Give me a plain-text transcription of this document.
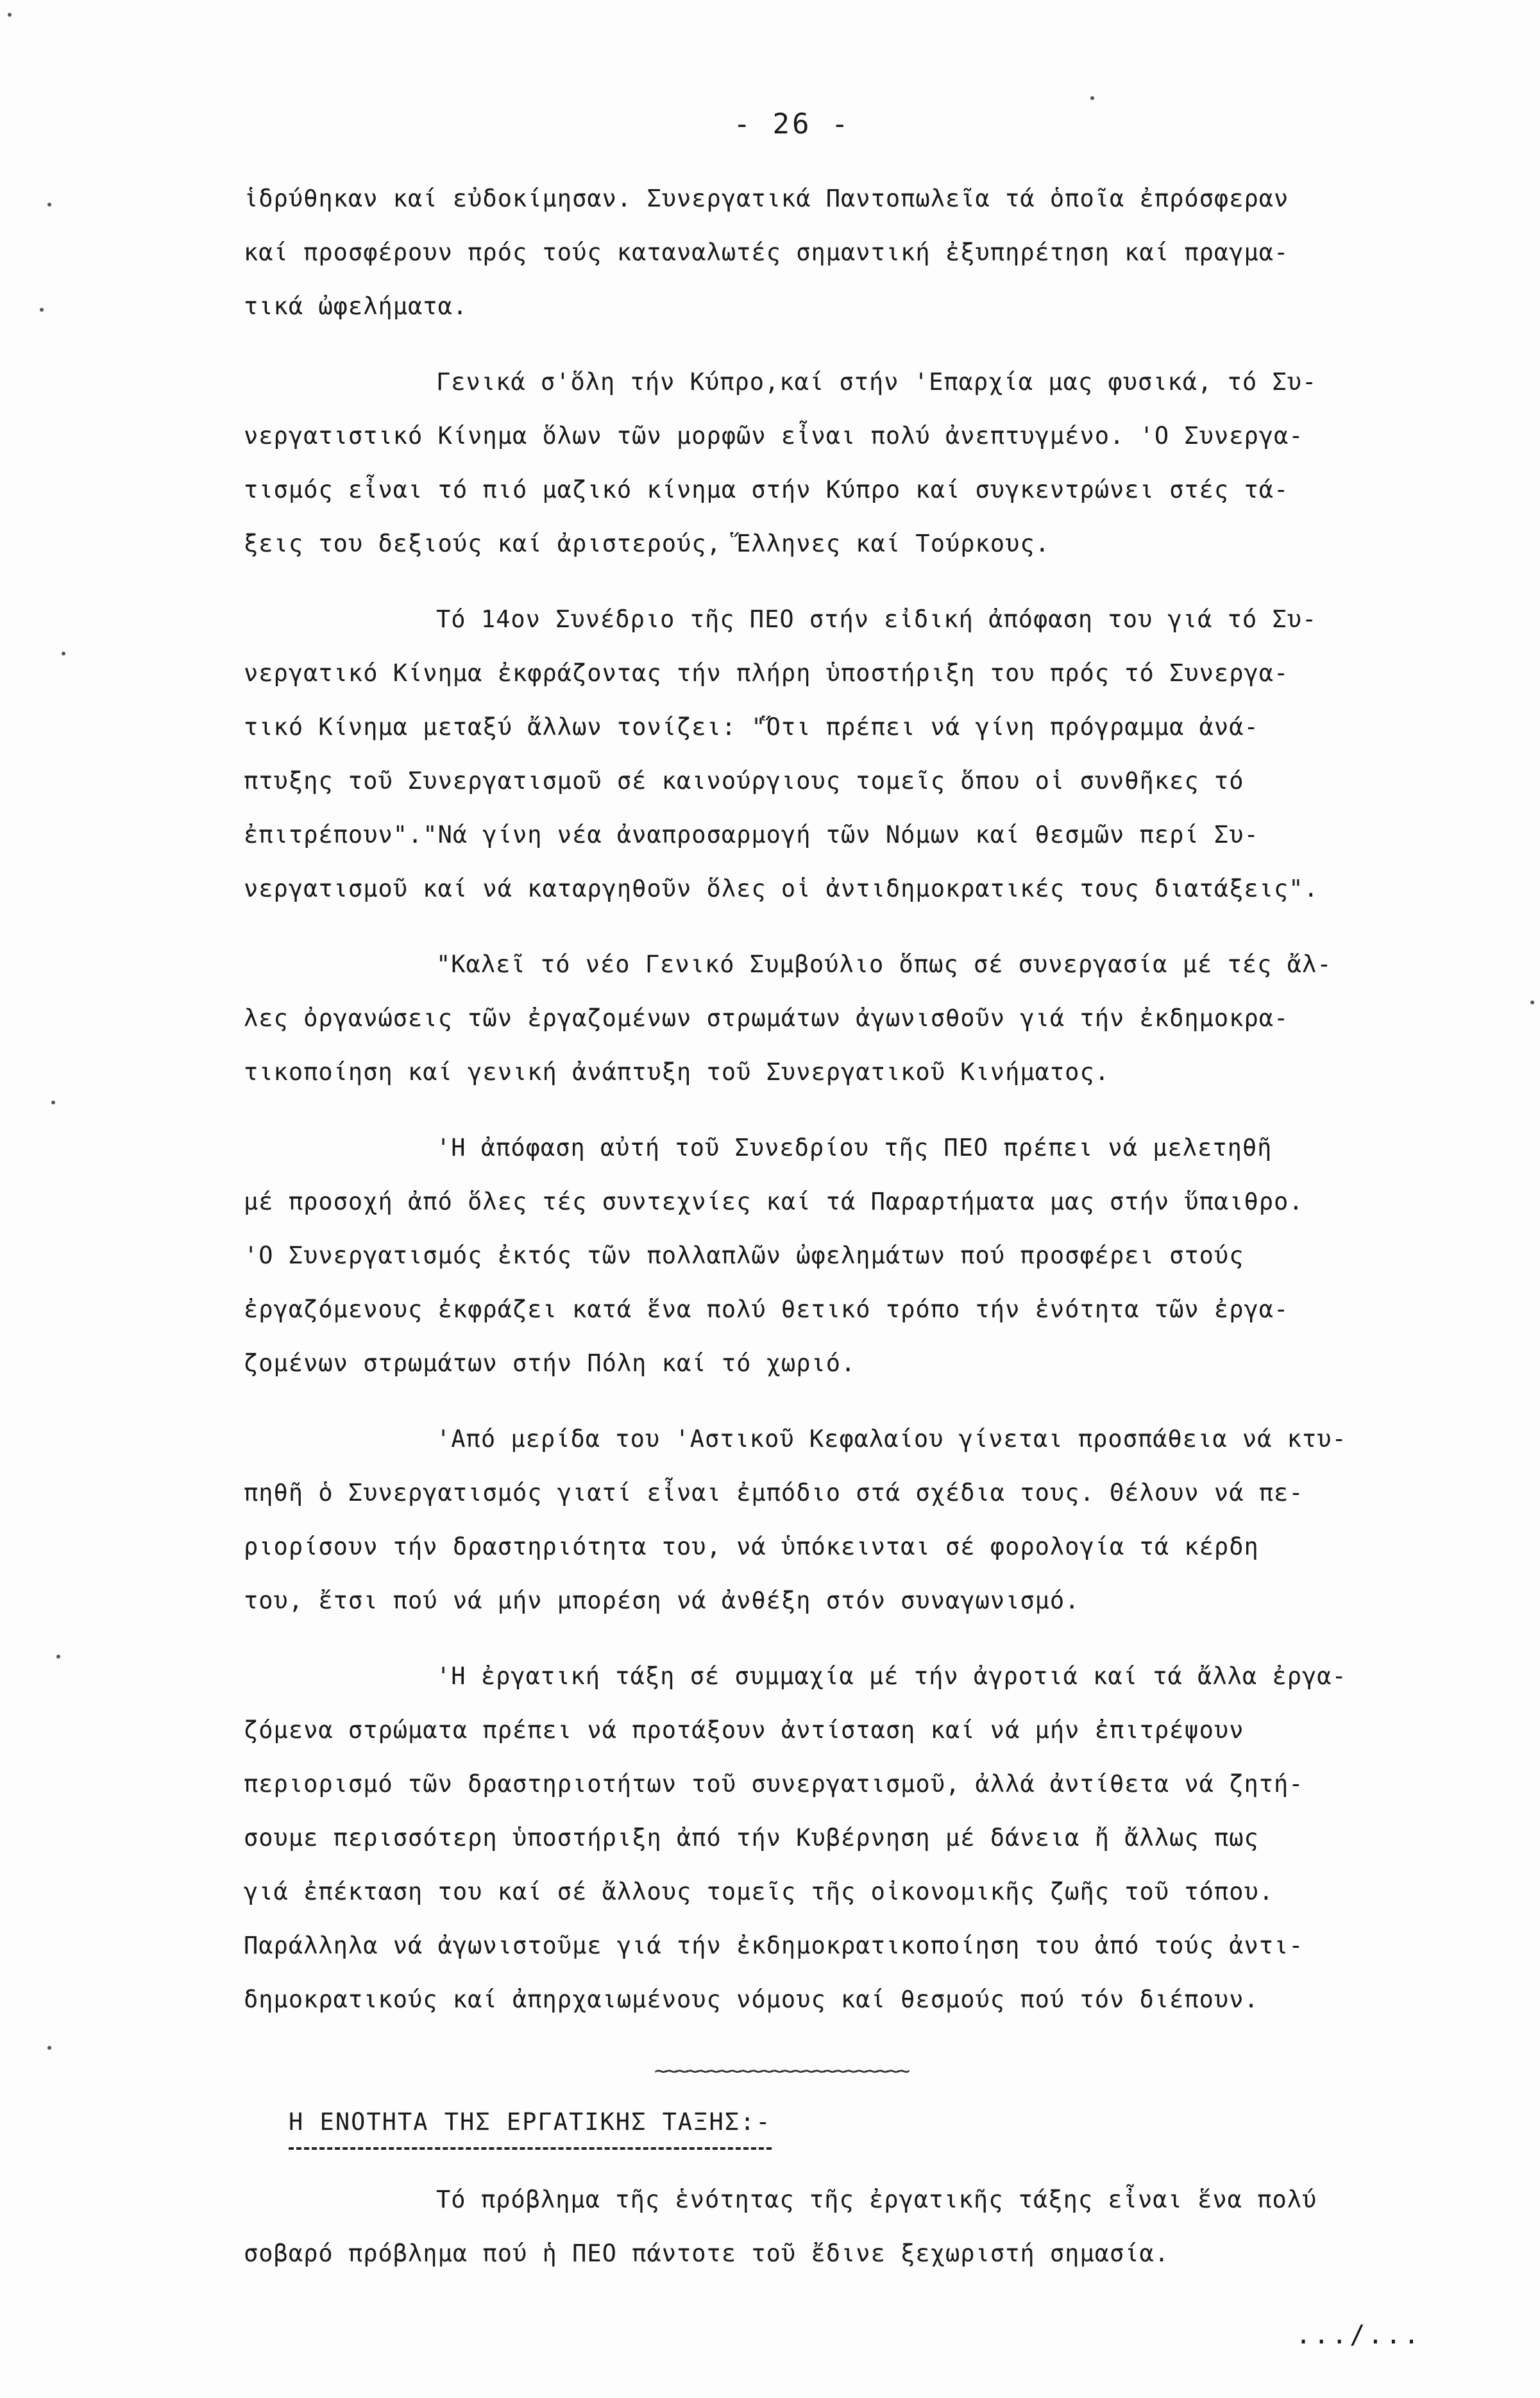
- 26 -
ἱδρύθηκαν καί εὐδοκίμησαν. Συνεργατικά Παντοπωλεῖα τά ὁποῖα ἐπρόσφεραν
καί προσφέρουν πρός τούς καταναλωτές σημαντική ἐξυπηρέτηση καί πραγμα-
τικά ὠφελήματα.
Γενικά σ'ὅλη τήν Κύπρο,καί στήν 'Επαρχία μας φυσικά, τό Συ-
νεργατιστικό Κίνημα ὅλων τῶν μορφῶν εἶναι πολύ ἀνεπτυγμένο. 'Ο Συνεργα-
τισμός εἶναι τό πιό μαζικό κίνημα στήν Κύπρο καί συγκεντρώνει στές τά-
ξεις του δεξιούς καί ἀριστερούς, Ἕλληνες καί Τούρκους.
Τό 14ον Συνέδριο τῆς ΠΕΟ στήν εἰδική ἀπόφαση του γιά τό Συ-
νεργατικό Κίνημα ἐκφράζοντας τήν πλήρη ὑποστήριξη του πρός τό Συνεργα-
τικό Κίνημα μεταξύ ἄλλων τονίζει: "Ὅτι πρέπει νά γίνη πρόγραμμα ἀνά-
πτυξης τοῦ Συνεργατισμοῦ σέ καινούργιους τομεῖς ὅπου οἱ συνθῆκες τό
ἐπιτρέπουν"."Νά γίνη νέα ἀναπροσαρμογή τῶν Νόμων καί θεσμῶν περί Συ-
νεργατισμοῦ καί νά καταργηθοῦν ὅλες οἱ ἀντιδημοκρατικές τους διατάξεις".
"Καλεῖ τό νέο Γενικό Συμβούλιο ὅπως σέ συνεργασία μέ τές ἄλ-
λες ὀργανώσεις τῶν ἐργαζομένων στρωμάτων ἀγωνισθοῦν γιά τήν ἐκδημοκρα-
τικοποίηση καί γενική ἀνάπτυξη τοῦ Συνεργατικοῦ Κινήματος.
'Η ἀπόφαση αὐτή τοῦ Συνεδρίου τῆς ΠΕΟ πρέπει νά μελετηθῆ
μέ προσοχή ἀπό ὅλες τές συντεχνίες καί τά Παραρτήματα μας στήν ὕπαιθρο.
'Ο Συνεργατισμός ἐκτός τῶν πολλαπλῶν ὠφελημάτων πού προσφέρει στούς
ἐργαζόμενους ἐκφράζει κατά ἕνα πολύ θετικό τρόπο τήν ἑνότητα τῶν ἐργα-
ζομένων στρωμάτων στήν Πόλη καί τό χωριό.
'Από μερίδα του 'Αστικοῦ Κεφαλαίου γίνεται προσπάθεια νά κτυ-
πηθῆ ὁ Συνεργατισμός γιατί εἶναι ἐμπόδιο στά σχέδια τους. Θέλουν νά πε-
ριορίσουν τήν δραστηριότητα του, νά ὑπόκεινται σέ φορολογία τά κέρδη
του, ἔτσι πού νά μήν μπορέση νά ἀνθέξη στόν συναγωνισμό.
'Η ἐργατική τάξη σέ συμμαχία μέ τήν ἀγροτιά καί τά ἄλλα ἐργα-
ζόμενα στρώματα πρέπει νά προτάξουν ἀντίσταση καί νά μήν ἐπιτρέψουν
περιορισμό τῶν δραστηριοτήτων τοῦ συνεργατισμοῦ, ἀλλά ἀντίθετα νά ζητή-
σουμε περισσότερη ὑποστήριξη ἀπό τήν Κυβέρνηση μέ δάνεια ἤ ἄλλως πως
γιά ἐπέκταση του καί σέ ἄλλους τομεῖς τῆς οἰκονομικῆς ζωῆς τοῦ τόπου.
Παράλληλα νά ἀγωνιστοῦμε γιά τήν ἐκδημοκρατικοποίηση του ἀπό τούς ἀντι-
δημοκρατικούς καί ἀπηρχαιωμένους νόμους καί θεσμούς πού τόν διέπουν.
~~~~~~~~~~~~~~~~~~~~~~~~
Η ΕΝΟΤΗΤΑ ΤΗΣ ΕΡΓΑΤΙΚΗΣ ΤΑΞΗΣ:-
Τό πρόβλημα τῆς ἑνότητας τῆς ἐργατικῆς τάξης εἶναι ἕνα πολύ
σοβαρό πρόβλημα πού ἡ ΠΕΟ πάντοτε τοῦ ἔδινε ξεχωριστή σημασία.
.../...
